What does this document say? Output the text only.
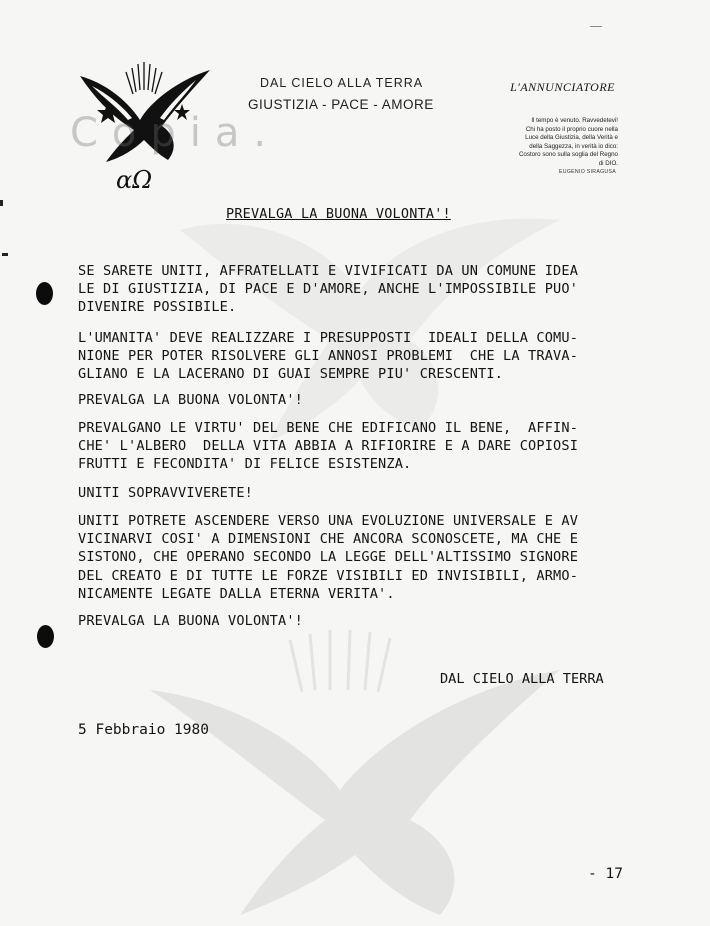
αΩ
Copia.
DAL CIELO ALLA TERRA
GIUSTIZIA - PACE - AMORE
L'ANNUNCIATORE
Il tempo è venuto. Ravvedetevi!
Chi ha posto il proprio cuore nella
Luce della Giustizia, della Verità e
della Saggezza, in verità io dico:
Costoro sono sulla soglia del Regno
di DIO.
EUGENIO SIRAGUSA
PREVALGA LA BUONA VOLONTA'!
SE SARETE UNITI, AFFRATELLATI E VIVIFICATI DA UN COMUNE IDEA
LE DI GIUSTIZIA, DI PACE E D'AMORE, ANCHE L'IMPOSSIBILE PUO'
DIVENIRE POSSIBILE.
L'UMANITA' DEVE REALIZZARE I PRESUPPOSTI  IDEALI DELLA COMU-
NIONE PER POTER RISOLVERE GLI ANNOSI PROBLEMI  CHE LA TRAVA-
GLIANO E LA LACERANO DI GUAI SEMPRE PIU' CRESCENTI.
PREVALGA LA BUONA VOLONTA'!
PREVALGANO LE VIRTU' DEL BENE CHE EDIFICANO IL BENE,  AFFIN-
CHE' L'ALBERO  DELLA VITA ABBIA A RIFIORIRE E A DARE COPIOSI
FRUTTI E FECONDITA' DI FELICE ESISTENZA.
UNITI SOPRAVVIVERETE!
UNITI POTRETE ASCENDERE VERSO UNA EVOLUZIONE UNIVERSALE E AV
VICINARVI COSI' A DIMENSIONI CHE ANCORA SCONOSCETE, MA CHE E
SISTONO, CHE OPERANO SECONDO LA LEGGE DELL'ALTISSIMO SIGNORE
DEL CREATO E DI TUTTE LE FORZE VISIBILI ED INVISIBILI, ARMO-
NICAMENTE LEGATE DALLA ETERNA VERITA'.
PREVALGA LA BUONA VOLONTA'!
DAL CIELO ALLA TERRA
5 Febbraio 1980
- 17
